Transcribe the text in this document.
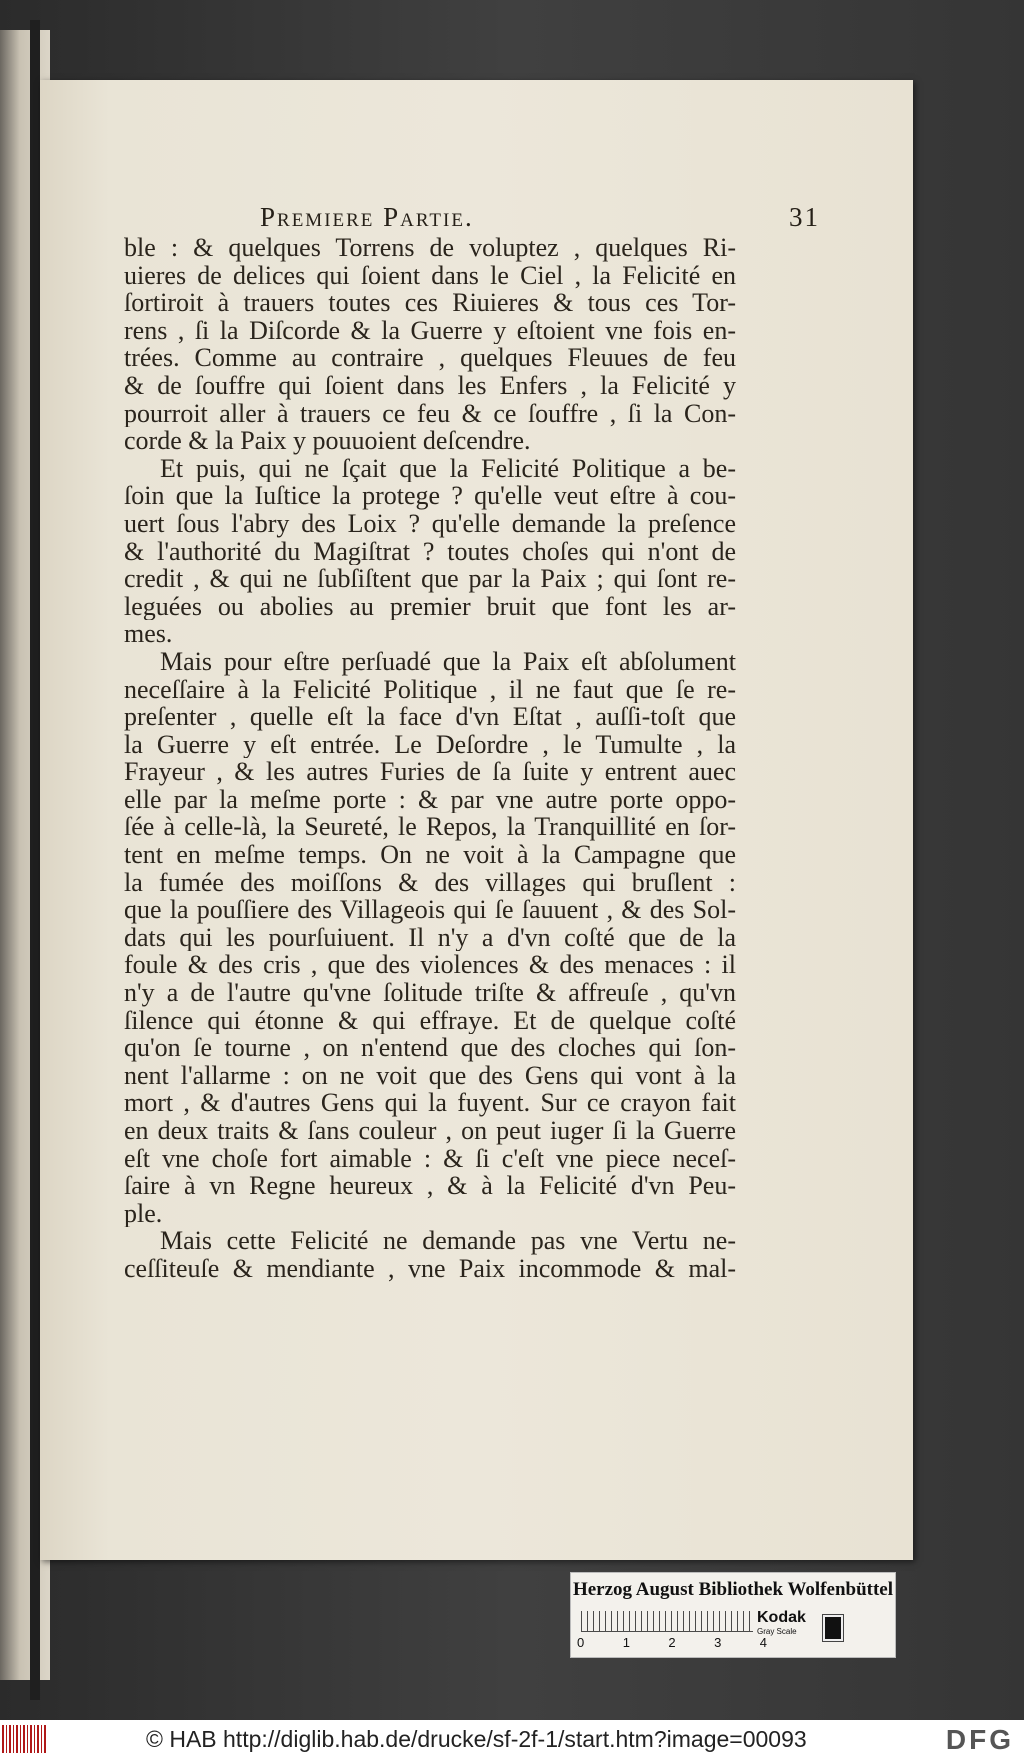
Premiere Partie.	31
ble : & quelques Torrens de voluptez , quelques Ri-
uieres de delices qui ſoient dans le Ciel , la Felicité en
ſortiroit à trauers toutes ces Riuieres & tous ces Tor-
rens , ſi la Diſcorde & la Guerre y eſtoient vne fois en-
trées. Comme au contraire , quelques Fleuues de feu
& de ſouffre qui ſoient dans les Enfers , la Felicité y
pourroit aller à trauers ce feu & ce ſouffre , ſi la Con-
corde & la Paix y pouuoient deſcendre.
Et puis, qui ne ſçait que la Felicité Politique a be-
ſoin que la Iuſtice la protege ? qu'elle veut eſtre à cou-
uert ſous l'abry des Loix ? qu'elle demande la preſence
& l'authorité du Magiſtrat ? toutes choſes qui n'ont de
credit , & qui ne ſubſiſtent que par la Paix ; qui ſont re-
leguées ou abolies au premier bruit que font les ar-
mes.
Mais pour eſtre perſuadé que la Paix eſt abſolument
neceſſaire à la Felicité Politique , il ne faut que ſe re-
preſenter , quelle eſt la face d'vn Eſtat , auſſi-toſt que
la Guerre y eſt entrée. Le Deſordre , le Tumulte , la
Frayeur , & les autres Furies de ſa ſuite y entrent auec
elle par la meſme porte : & par vne autre porte oppo-
ſée à celle-là, la Seureté, le Repos, la Tranquillité en ſor-
tent en meſme temps. On ne voit à la Campagne que
la fumée des moiſſons & des villages qui bruſlent :
que la pouſſiere des Villageois qui ſe ſauuent , & des Sol-
dats qui les pourſuiuent. Il n'y a d'vn coſté que de la
foule & des cris , que des violences & des menaces : il
n'y a de l'autre qu'vne ſolitude triſte & affreuſe , qu'vn
ſilence qui étonne & qui effraye. Et de quelque coſté
qu'on ſe tourne , on n'entend que des cloches qui ſon-
nent l'allarme : on ne voit que des Gens qui vont à la
mort , & d'autres Gens qui la fuyent. Sur ce crayon fait
en deux traits & ſans couleur , on peut iuger ſi la Guerre
eſt vne choſe fort aimable : & ſi c'eſt vne piece neceſ-
ſaire à vn Regne heureux , & à la Felicité d'vn Peu-
ple.
Mais cette Felicité ne demande pas vne Vertu ne-
ceſſiteuſe & mendiante , vne Paix incommode & mal-
Herzog August Bibliothek Wolfenbüttel
0	1	2	3	4
Kodak
Gray Scale
© HAB http://diglib.hab.de/drucke/sf-2f-1/start.htm?image=00093	DFG
